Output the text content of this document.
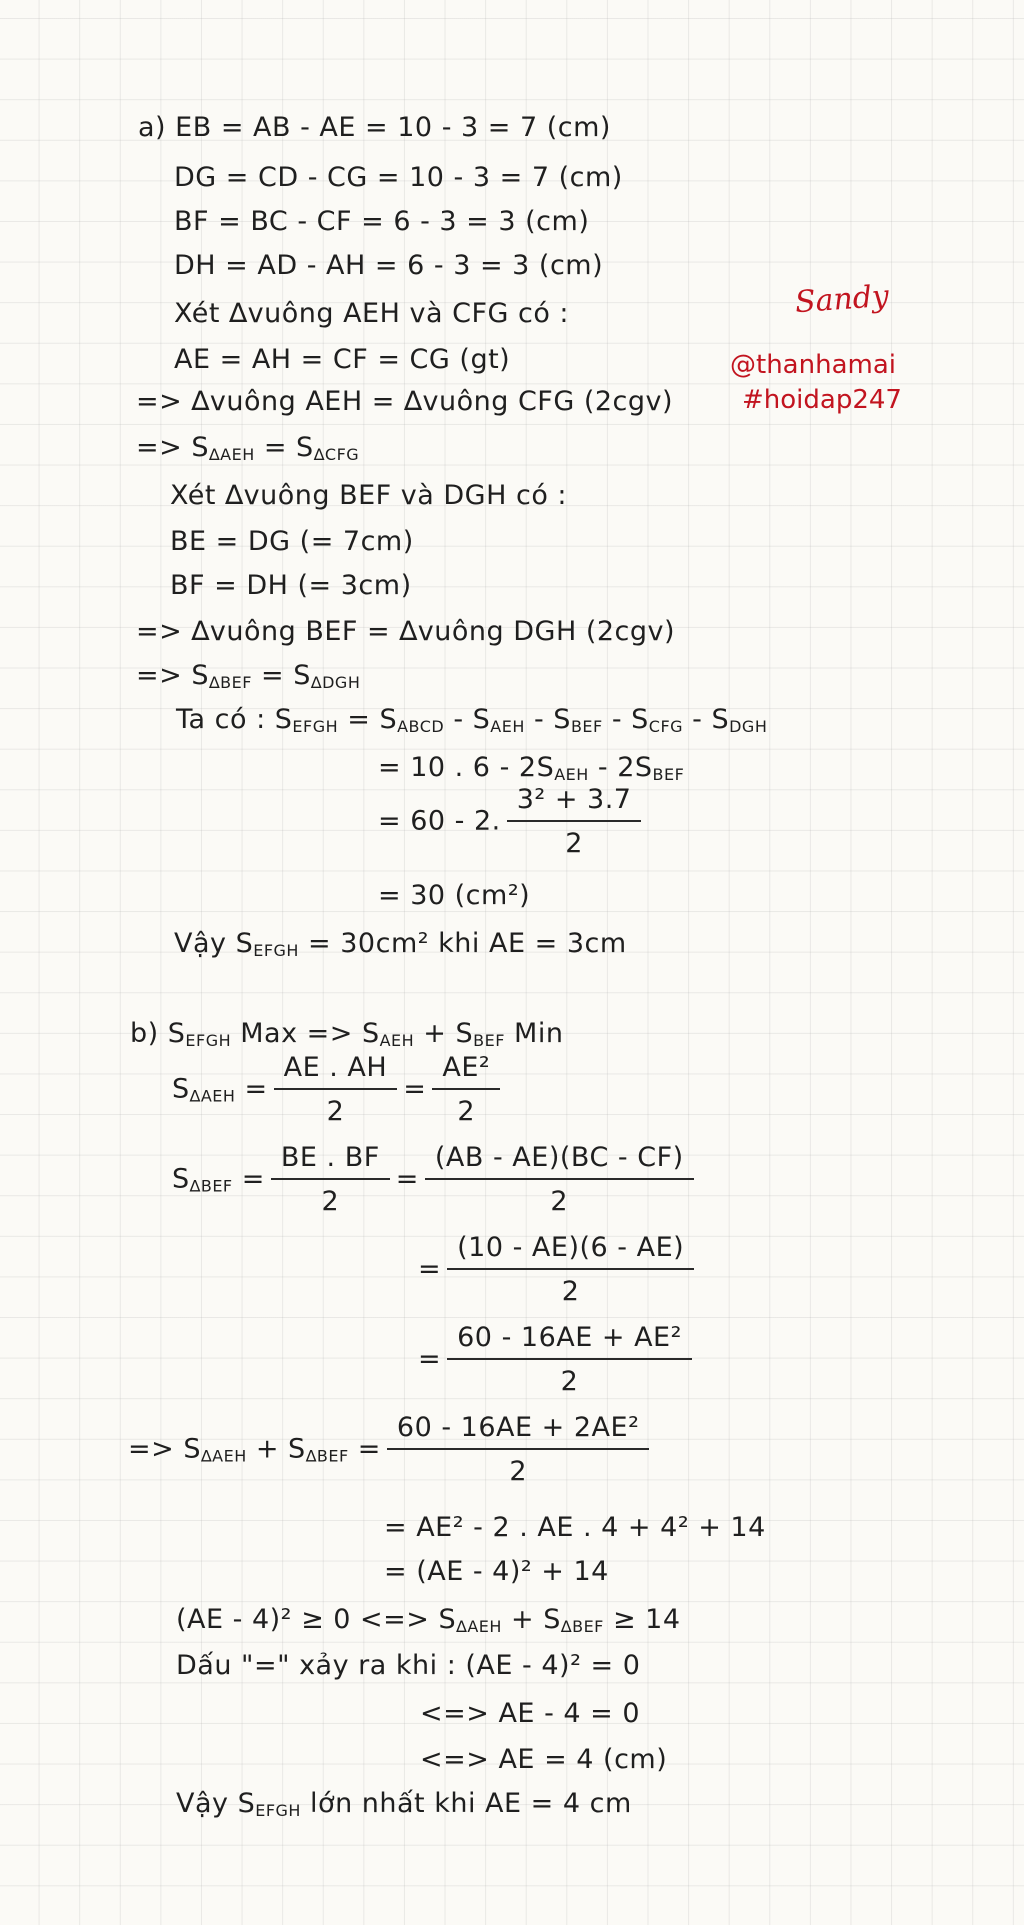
Sandy
@thanhamai
#hoidap247
a) EB = AB - AE = 10 - 3 = 7 (cm)
DG = CD - CG = 10 - 3 = 7 (cm)
BF = BC - CF = 6 - 3 = 3 (cm)
DH = AD - AH = 6 - 3 = 3 (cm)
Xét ∆vuông AEH và CFG có :
AE = AH = CF = CG (gt)
=> ∆vuông AEH = ∆vuông CFG (2cgv)
=> $S_{\Delta AEH} = S_{\Delta CFG}$
Xét ∆vuông BEF và DGH có :
BE = DG (= 7cm)
BF = DH (= 3cm)
=> ∆vuông BEF = ∆vuông DGH (2cgv)
=> $S_{\Delta BEF} = S_{\Delta DGH}$
Ta có : $S_{EFGH} = S_{ABCD} - S_{AEH} - S_{BEF} - S_{CFG} - S_{DGH}$
= 10 . $6 - 2S_{AEH} - 2S_{BEF}$
= 60 - 2. $\frac{\text{3² + 3.7}}{2}$
= 30 (cm²)
Vậy $S_{EFGH} = 30cm^2$ khi AE = 3cm
b) $S_{EFGH}$ Max => $S_{AEH} + S_{BEF}$ Min
$S_{\Delta AEH} = \frac{AE . AH}{2} = \frac{\text{AE²}}{2}$
$S_{\Delta BEF} = \frac{BE . BF}{2} = \frac{(AB - AE)(BC - CF)}{2}$
= $\frac{(10 - AE)(6 - AE)}{2}$
= $\frac{\text{60 - 16AE + AE²}}{2}$
=> $S_{\Delta AEH} + S_{\Delta BEF} = \frac{\text{60 - 16AE + 2AE²}}{2}$
= AE² - 2 . AE . 4 + 4² + 14
= (AE - 4)² + 14
(AE - 4)² ≥ 0 <=> $S_{\Delta AEH} + S_{\Delta BEF} \ge 14$
Dấu "=" xảy ra khi : (AE - 4)² = 0
<=> AE - 4 = 0
<=> AE = 4 (cm)
Vậy $S_{EFGH}$ lớn nhất khi AE = 4 cm
